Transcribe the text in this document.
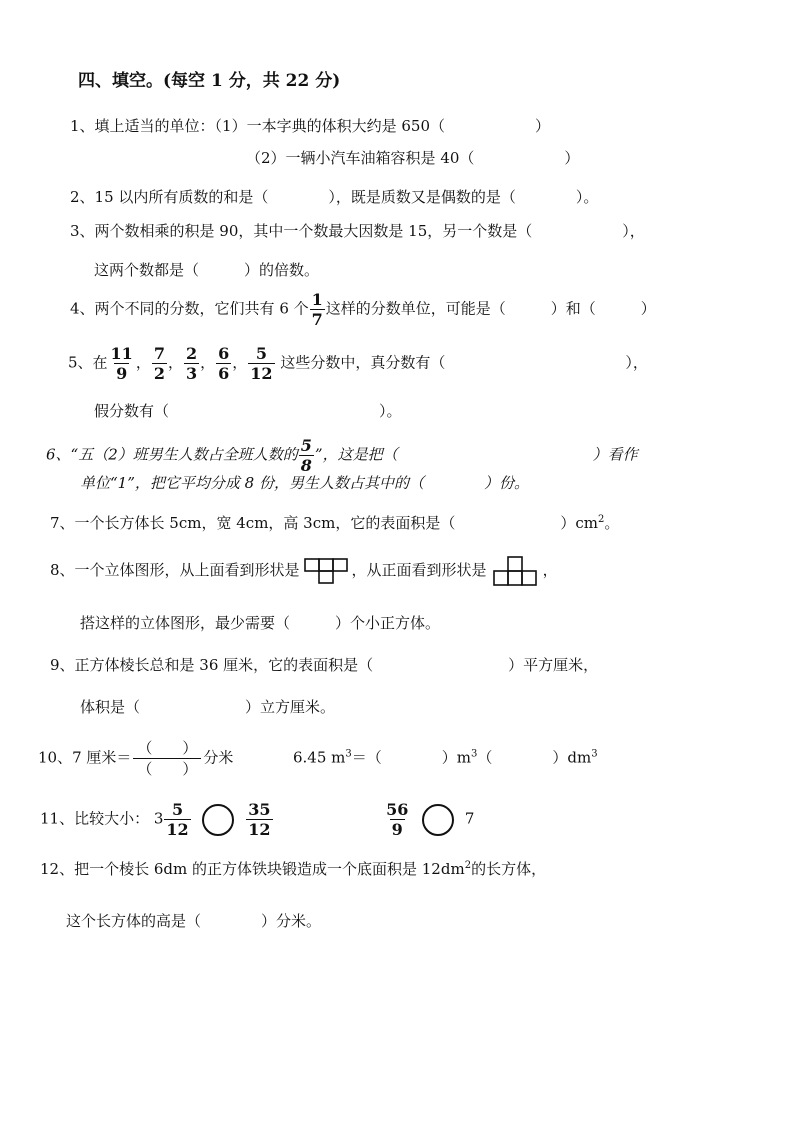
四、填空。(每空 1 分，共 22 分)
1、填上适当的单位：（1）一本字典的体积大约是 650（　　　　　　）
（2）一辆小汽车油箱容积是 40（　　　　　　）
2、15 以内所有质数的和是（　　　　），既是质数又是偶数的是（　　　　）。
3、两个数相乘的积是 90，其中一个数最大因数是 15，另一个数是（　　　　　　），
这两个数都是（　　　）的倍数。
4、两个不同的分数，它们共有 6 个 $\frac{1}{7}$ 这样的分数单位，可能是（　　　）和（　　　）
5、在 $\frac{11}{9}$ ， $\frac{7}{2}$ ， $\frac{2}{3}$ ， $\frac{6}{6}$ ， $\frac{5}{12}$ 这些分数中，真分数有（　　　　　　　　　　　　），
假分数有（　　　　　　　　　　　　　　）。
6、“五（2）班男生人数占全班人数的 $\frac{5}{8}$ ”，这是把（　　　　　　　　　　　　　）看作
单位“1”，把它平均分成 8 份，男生人数占其中的（　　　　）份。
7、一个长方体长 5cm，宽 4cm，高 3cm，它的表面积是（　　　　　　　）$cm^2$。
8、一个立体图形，从上面看到形状是	，从正面看到形状是	，
搭这样的立体图形，最少需要（　　　）个小正方体。
9、正方体棱长总和是 36 厘米，它的表面积是（　　　　　　　　　）平方厘米，
体积是（　　　　　　　）立方厘米。
10、7 厘米＝ $\frac{( )}{( )}$ 分米	6.45 $m^3=$（　　　　）$m^3$（　　　　）$dm^3$
11、比较大小： $3 \frac{5}{12}$
	$\frac{35}{12}$
	$\frac{56}{9}$	7
12、把一个棱长 6dm 的正方体铁块锻造成一个底面积是 $12dm^2$的长方体，
这个长方体的高是（　　　　）分米。
